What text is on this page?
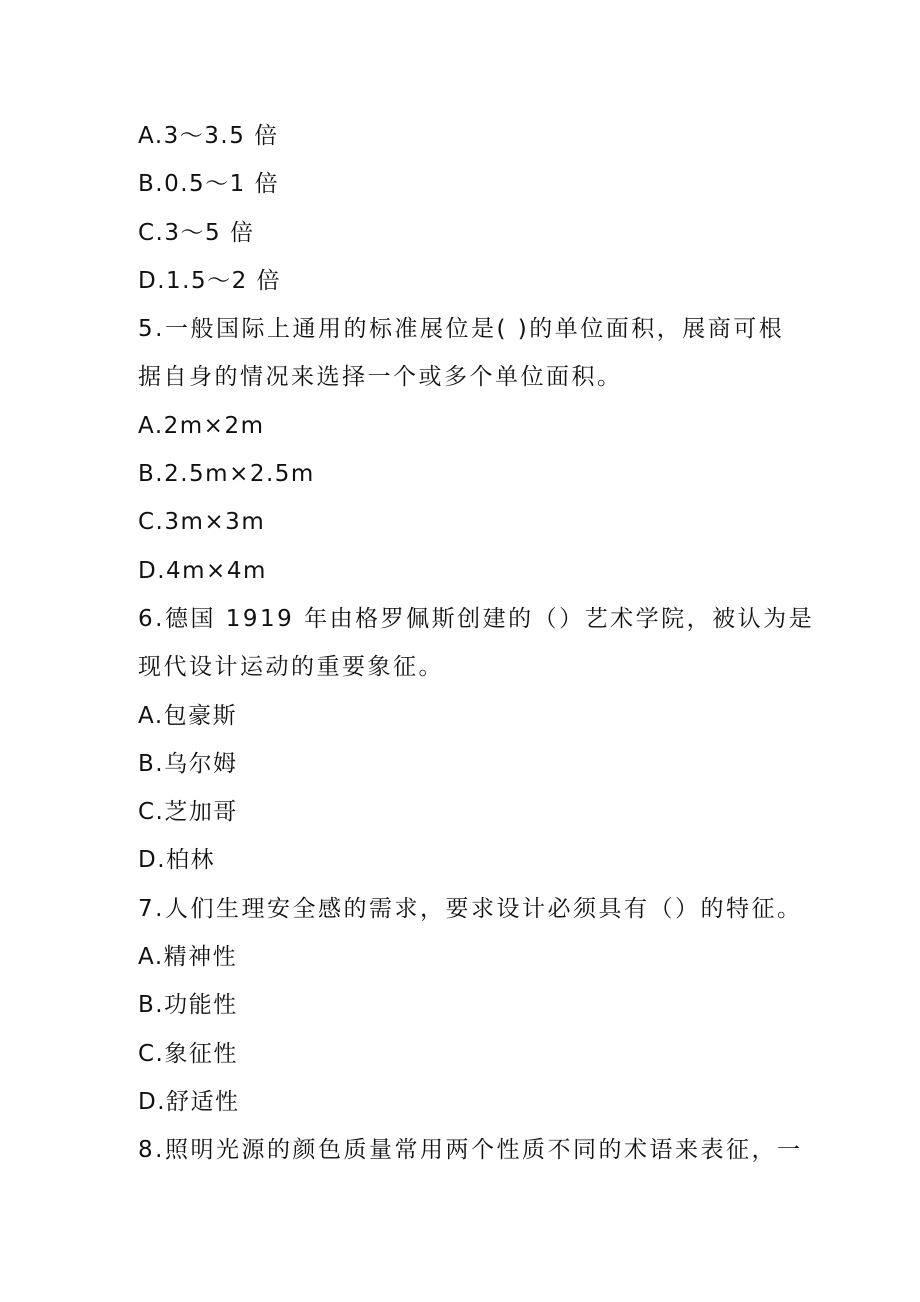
A.3～3.5 倍
B.0.5～1 倍
C.3～5 倍
D.1.5～2 倍
5.一般国际上通用的标准展位是( )的单位面积，展商可根
据自身的情况来选择一个或多个单位面积。
A.2m×2m
B.2.5m×2.5m
C.3m×3m
D.4m×4m
6.德国 1919 年由格罗佩斯创建的（）艺术学院，被认为是
现代设计运动的重要象征。
A.包豪斯
B.乌尔姆
C.芝加哥
D.柏林
7.人们生理安全感的需求，要求设计必须具有（）的特征。
A.精神性
B.功能性
C.象征性
D.舒适性
8.照明光源的颜色质量常用两个性质不同的术语来表征，一
